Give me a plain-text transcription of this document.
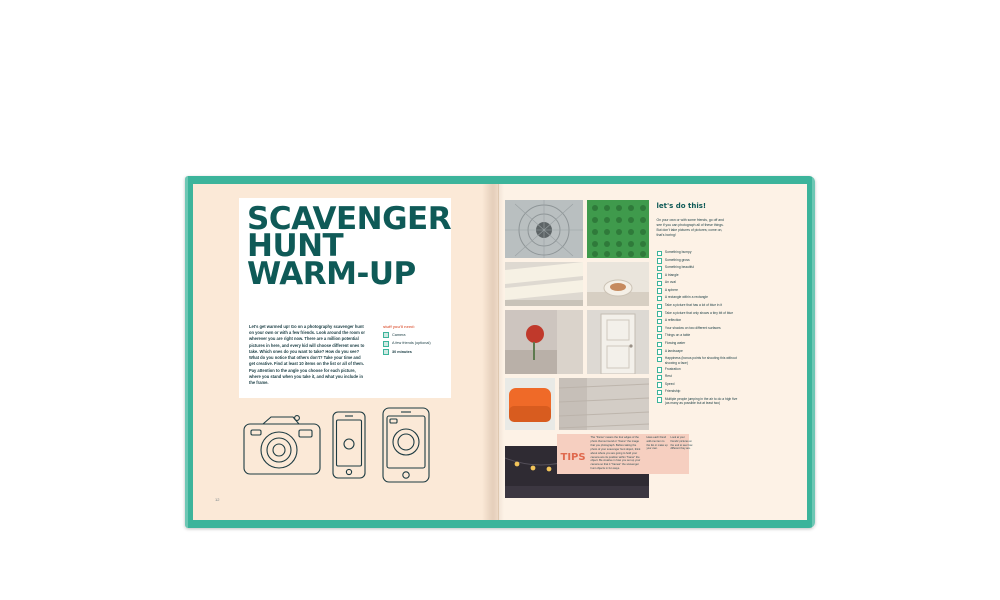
SCAVENGER
HUNT
WARM-UP
Let's get warmed up! Go on a photography scavenger hunt on your own or with a few friends. Look around the room or wherever you are right now. There are a million potential pictures in here, and every kid will choose different ones to take. Which ones do you want to take? How do you see? What do you notice that others don't? Take your time and get creative. Find at least 10 items on the list or all of them. Pay attention to the angle you choose for each picture, where you stand when you take it, and what you include in the frame.
stuff you'll need:
Camera
A few friends (optional)
30 minutes
12
TIPS
The "frame" means the four edges of the photo that surround or "frame" the image that you photograph. Before taking the photo of your scavenger hunt object, think about where you are going to hold your camera ans its position within "frame" the object. Be creative in how you set up your camera so that it "frames" the scavenger hunt objects in fun ways.
Have each friend add one item to the list or make up your own.
Look at your friends' pictures at the end to see how different they are.
let's do this!
On your own or with some friends, go off and see if you can photograph all of these things. But don't take pictures of pictures; come on, that's boring!
Something bumpy
Something gross
Something beautiful
A triangle
An oval
A sphere
A rectangle within a rectangle
Take a picture that has a lot of blue in it
Take a picture that only shows a tiny bit of blue
A reflection
Your shadow on two different surfaces
Things on a table
Flowing water
A landscape
Happiness (bonus points for shooting this without showing a face)
Frustration
Rest
Speed
Friendship
Multiple people jumping in the air to do a high five (as many as possible but at least two)
